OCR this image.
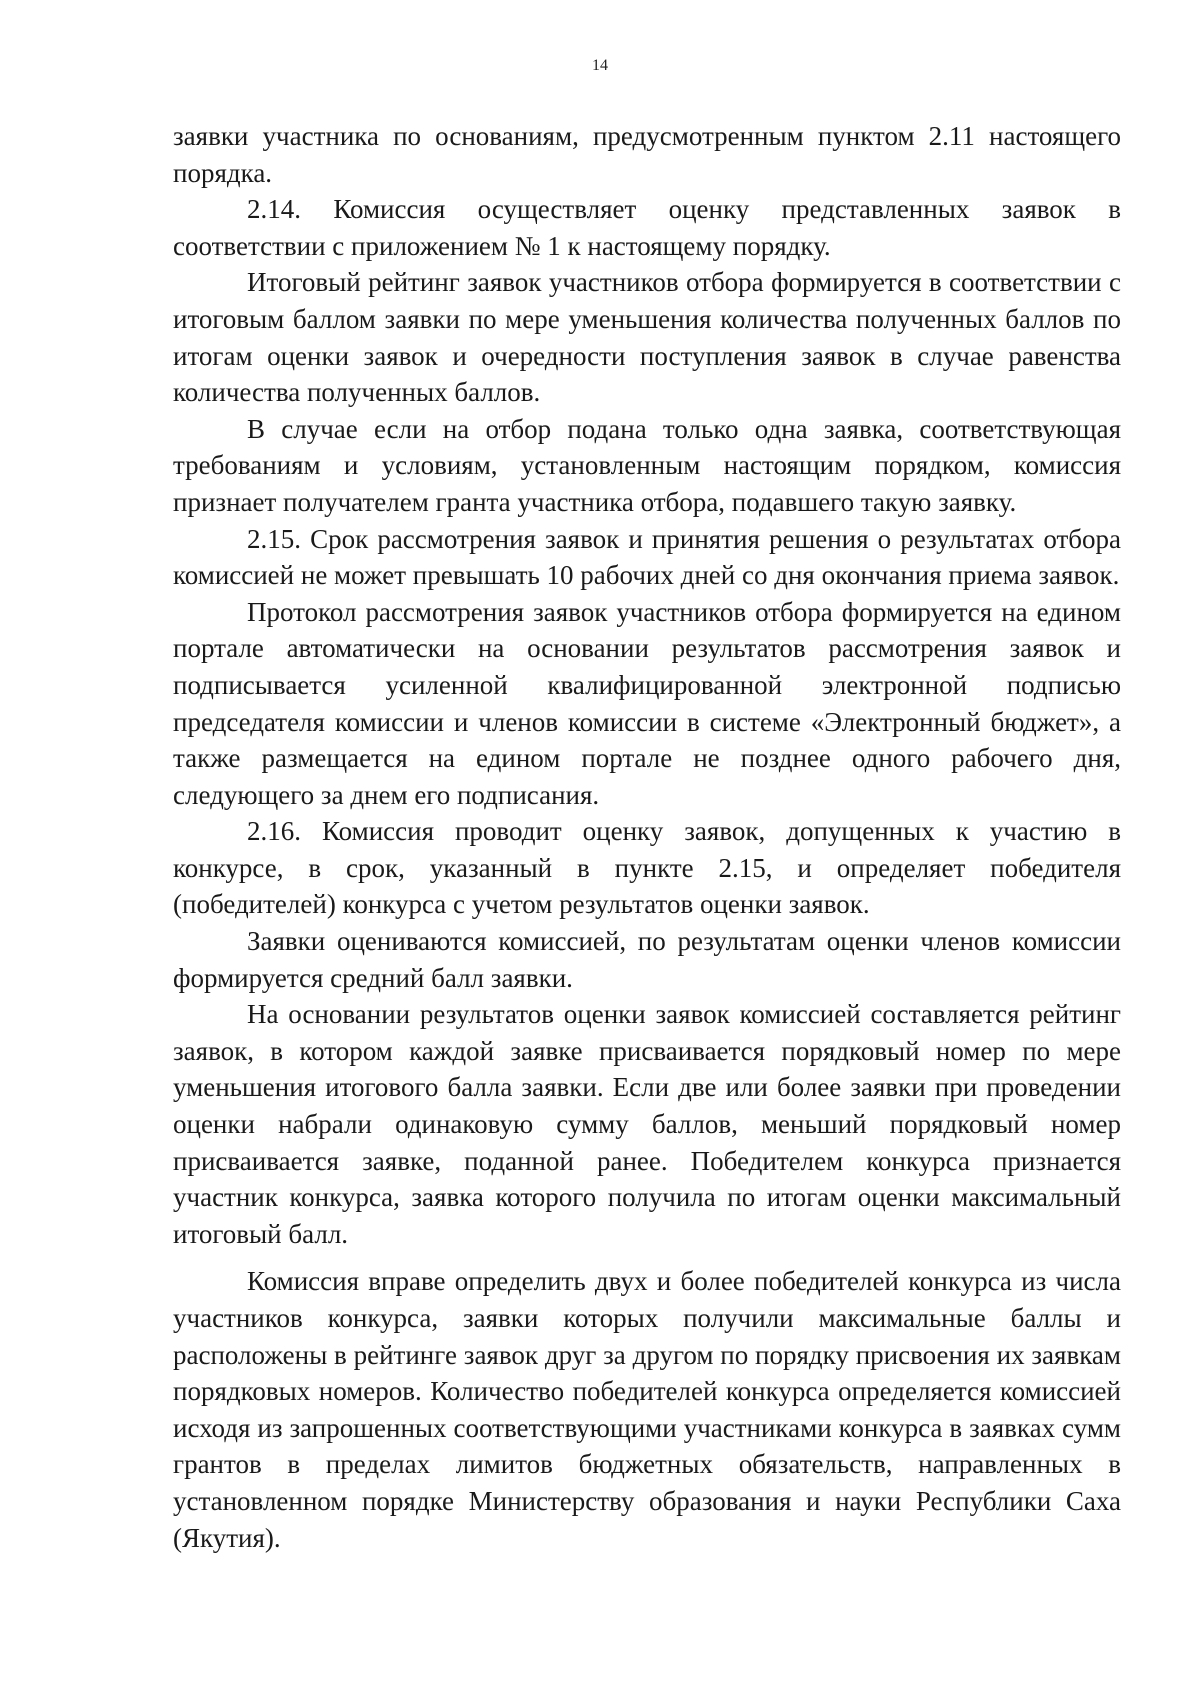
14

заявки участника по основаниям, предусмотренным пунктом 2.11 настоящего порядка.

2.14. Комиссия осуществляет оценку представленных заявок в соответствии с приложением № 1 к настоящему порядку.

Итоговый рейтинг заявок участников отбора формируется в соответствии с итоговым баллом заявки по мере уменьшения количества полученных баллов по итогам оценки заявок и очередности поступления заявок в случае равенства количества полученных баллов.

В случае если на отбор подана только одна заявка, соответствующая требованиям и условиям, установленным настоящим порядком, комиссия признает получателем гранта участника отбора, подавшего такую заявку.

2.15. Срок рассмотрения заявок и принятия решения о результатах отбора комиссией не может превышать 10 рабочих дней со дня окончания приема заявок.

Протокол рассмотрения заявок участников отбора формируется на едином портале автоматически на основании результатов рассмотрения заявок и подписывается усиленной квалифицированной электронной подписью председателя комиссии и членов комиссии в системе «Электронный бюджет», а также размещается на едином портале не позднее одного рабочего дня, следующего за днем его подписания.

2.16. Комиссия проводит оценку заявок, допущенных к участию в конкурсе, в срок, указанный в пункте 2.15, и определяет победителя (победителей) конкурса с учетом результатов оценки заявок.

Заявки оцениваются комиссией, по результатам оценки членов комиссии формируется средний балл заявки.

На основании результатов оценки заявок комиссией составляется рейтинг заявок, в котором каждой заявке присваивается порядковый номер по мере уменьшения итогового балла заявки. Если две или более заявки при проведении оценки набрали одинаковую сумму баллов, меньший порядковый номер присваивается заявке, поданной ранее. Победителем конкурса признается участник конкурса, заявка которого получила по итогам оценки максимальный итоговый балл.

Комиссия вправе определить двух и более победителей конкурса из числа участников конкурса, заявки которых получили максимальные баллы и расположены в рейтинге заявок друг за другом по порядку присвоения их заявкам порядковых номеров. Количество победителей конкурса определяется комиссией исходя из запрошенных соответствующими участниками конкурса в заявках сумм грантов в пределах лимитов бюджетных обязательств, направленных в установленном порядке Министерству образования и науки Республики Саха (Якутия).
